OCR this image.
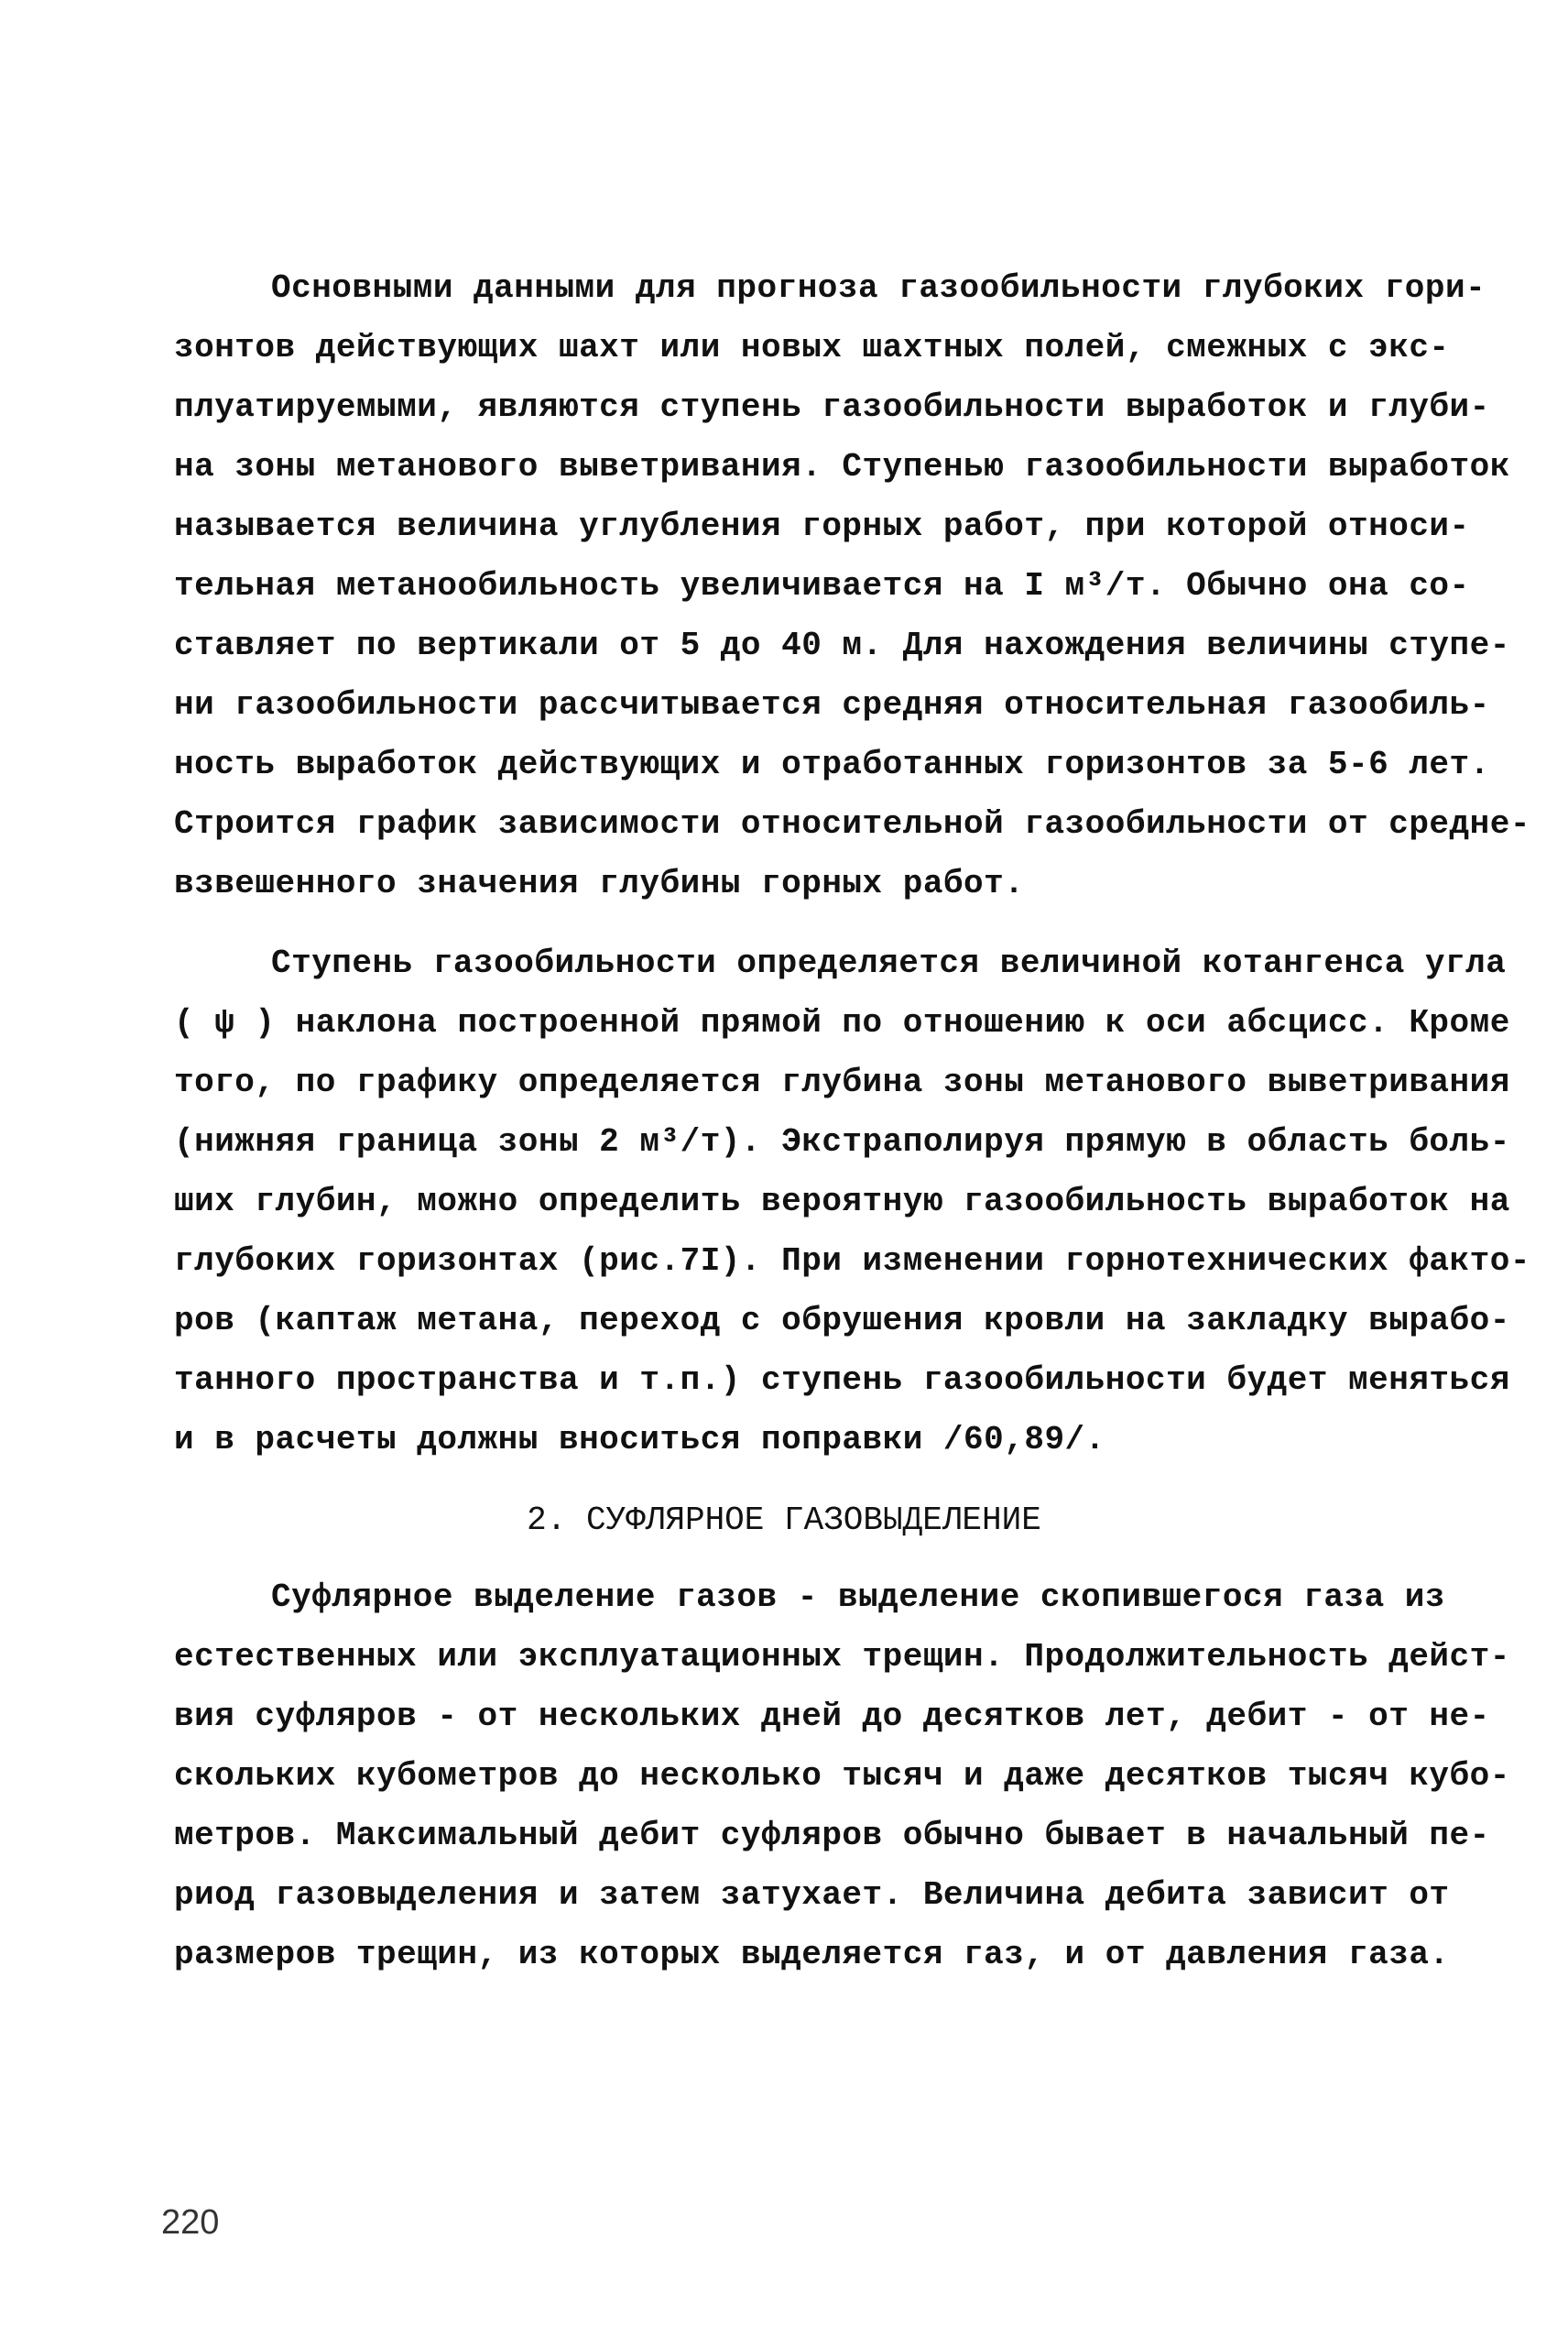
Основными данными для прогноза газообильности глубоких гори-
зонтов действующих шахт или новых шахтных полей, смежных с экс-
плуатируемыми, являются ступень газообильности выработок и глуби-
на зоны метанового выветривания. Ступенью газообильности выработок
называется величина углубления горных работ, при которой относи-
тельная метанообильность увеличивается на I м³/т. Обычно она со-
ставляет по вертикали от 5 до 40 м. Для нахождения величины ступе-
ни газообильности рассчитывается средняя относительная газообиль-
ность выработок действующих и отработанных горизонтов за 5-6 лет.
Строится график зависимости относительной газообильности от средне-
взвешенного значения глубины горных работ.
Ступень газообильности определяется величиной котангенса угла
( ψ ) наклона построенной прямой по отношению к оси абсцисс. Кроме
того, по графику определяется глубина зоны метанового выветривания
(нижняя граница зоны 2 м³/т). Экстраполируя прямую в область боль-
ших глубин, можно определить вероятную газообильность выработок на
глубоких горизонтах (рис.7I). При изменении горнотехнических факто-
ров (каптаж метана, переход с обрушения кровли на закладку вырабо-
танного пространства и т.п.) ступень газообильности будет меняться
и в расчеты должны вноситься поправки /60,89/.
2. СУФЛЯРНОЕ ГАЗОВЫДЕЛЕНИЕ
Суфлярное выделение газов - выделение скопившегося газа из
естественных или эксплуатационных трещин. Продолжительность дейст-
вия суфляров - от нескольких дней до десятков лет, дебит - от не-
скольких кубометров до несколько тысяч и даже десятков тысяч кубо-
метров. Максимальный дебит суфляров обычно бывает в начальный пе-
риод газовыделения и затем затухает. Величина дебита зависит от
размеров трещин, из которых выделяется газ, и от давления газа.
220
